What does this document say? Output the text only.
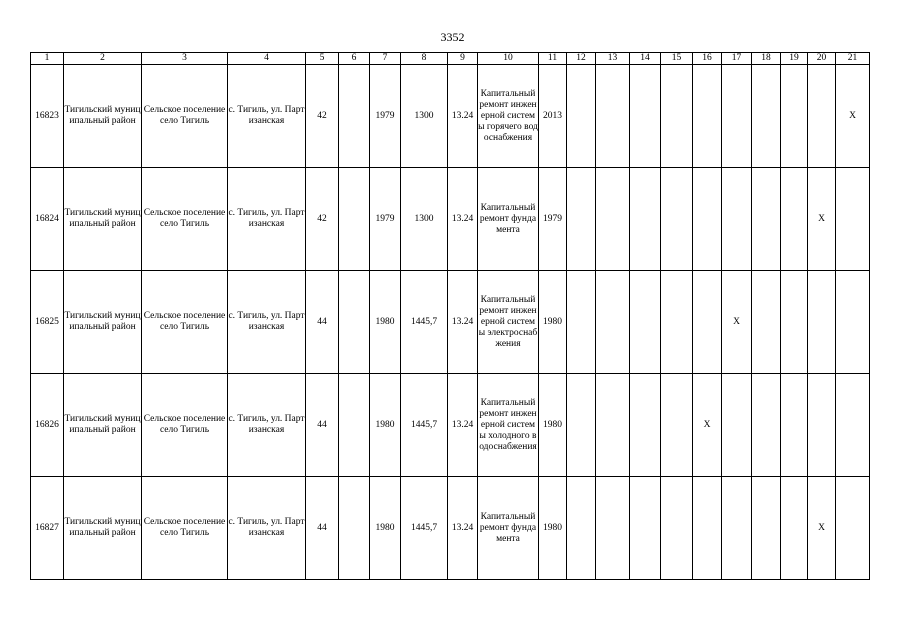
3352
1	2	3	4	5	6	7	8	9	10	11	12	13	14	15	16	17	18	19	20	21
16823	Тигильский муниципальный район	Сельское поселение село Тигиль	с. Тигиль, ул. Партизанская	42		1979	1300	13.24	Капитальный ремонт инженерной системы горячего водоснабжения	2013										X
16824	Тигильский муниципальный район	Сельское поселение село Тигиль	с. Тигиль, ул. Партизанская	42		1979	1300	13.24	Капитальный ремонт фундамента	1979									X	
16825	Тигильский муниципальный район	Сельское поселение село Тигиль	с. Тигиль, ул. Партизанская	44		1980	1445,7	13.24	Капитальный ремонт инженерной системы электроснабжения	1980						X				
16826	Тигильский муниципальный район	Сельское поселение село Тигиль	с. Тигиль, ул. Партизанская	44		1980	1445,7	13.24	Капитальный ремонт инженерной системы холодного водоснабжения	1980					X					
16827	Тигильский муниципальный район	Сельское поселение село Тигиль	с. Тигиль, ул. Партизанская	44		1980	1445,7	13.24	Капитальный ремонт фундамента	1980									X	
